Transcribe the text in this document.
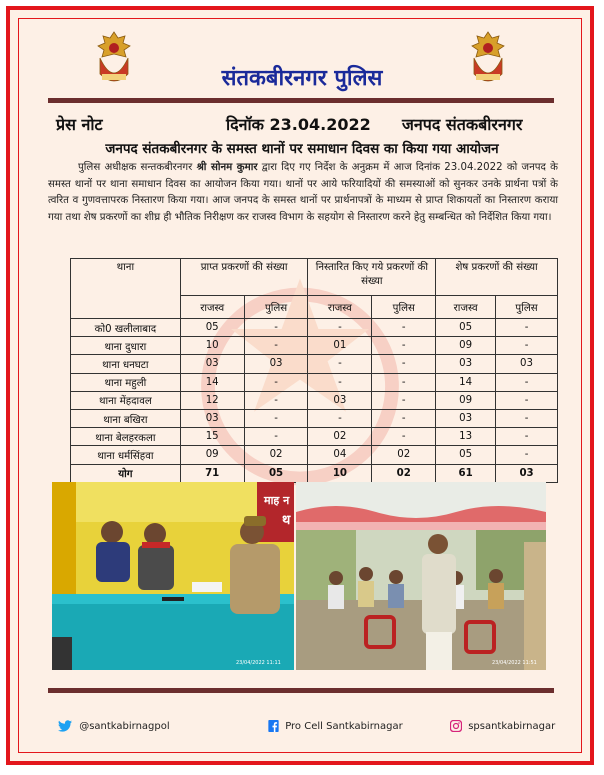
संतकबीरनगर पुलिस
प्रेस नोट	दिनॉक 23.04.2022 जनपद संतकबीरनगर
जनपद संतकबीरनगर के समस्त थानों पर समाधान दिवस का किया गया आयोजन
पुलिस अधीक्षक सन्तकबीरनगर श्री सोनम कुमार द्वारा दिए गए निर्देश के अनुक्रम में आज दिनांक 23.04.2022 को जनपद के समस्त थानों पर थाना समाधान दिवस का आयोजन किया गया। थानों पर आये फरियादियों की समस्याओं को सुनकर उनके प्रार्थना पत्रों के त्वरित व गुणवत्तापरक निस्तारण किया गया। आज जनपद के समस्त थानों पर प्रार्थनापत्रों के माध्यम से प्राप्त शिकायतों का निस्तारण कराया गया तथा शेष प्रकरणों का शीघ्र ही भौतिक निरीक्षण कर राजस्व विभाग के सहयोग से निस्तारण करने हेतु सम्बन्धित को निर्देशित किया गया।
थाना	प्राप्त प्रकरणों की संख्या		निस्तारित किए गये प्रकरणों की संख्या		शेष प्रकरणों की संख्या	
	राजस्व	पुलिस	राजस्व	पुलिस	राजस्व	पुलिस
को0 खलीलाबाद	05	-	-	-	05	-
थाना दुधारा	10	-	01	-	09	-
थाना धनघटा	03	03	-	-	03	03
थाना महुली	14	-	-	-	14	-
थाना मेंहदावल	12	-	03	-	09	-
थाना बखिरा	03	-	-	-	03	-
थाना बेलहरकला	15	-	02	-	13	-
थाना धर्मसिंहवा	09	02	04	02	05	-
योग	71	05	10	02	61	03
माह न
थ
23/04/2022 11:51
23/04/2022 11:11
@santkabirnagpol	Pro Cell Santkabirnagar	spsantkabirnagar
